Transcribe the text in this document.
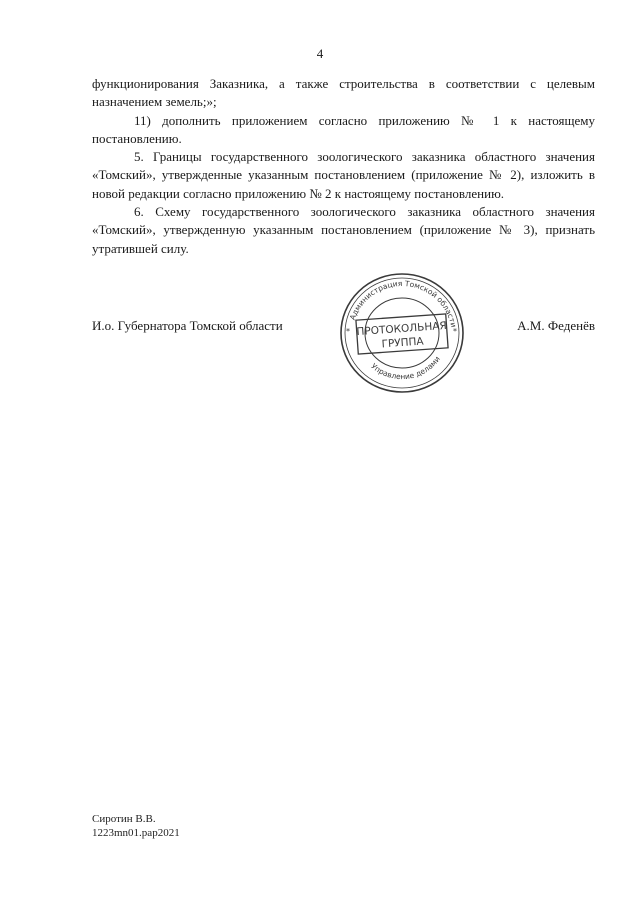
4

функционирования Заказника, а также строительства в соответствии с целевым назначением земель;»;

11) дополнить приложением согласно приложению № 1 к настоящему постановлению.

5. Границы государственного зоологического заказника областного значения «Томский», утвержденные указанным постановлением (приложение № 2), изложить в новой редакции согласно приложению № 2 к настоящему постановлению.

6. Схему государственного зоологического заказника областного значения «Томский», утвержденную указанным постановлением (приложение № 3), признать утратившей силу.

И.о. Губернатора Томской области	А.М. Феденёв
Администрация Томской области
Управление делами
*	*
ПРОТОКОЛЬНАЯ
ГРУППА
Сиротин В.В.
1223mn01.pap2021
